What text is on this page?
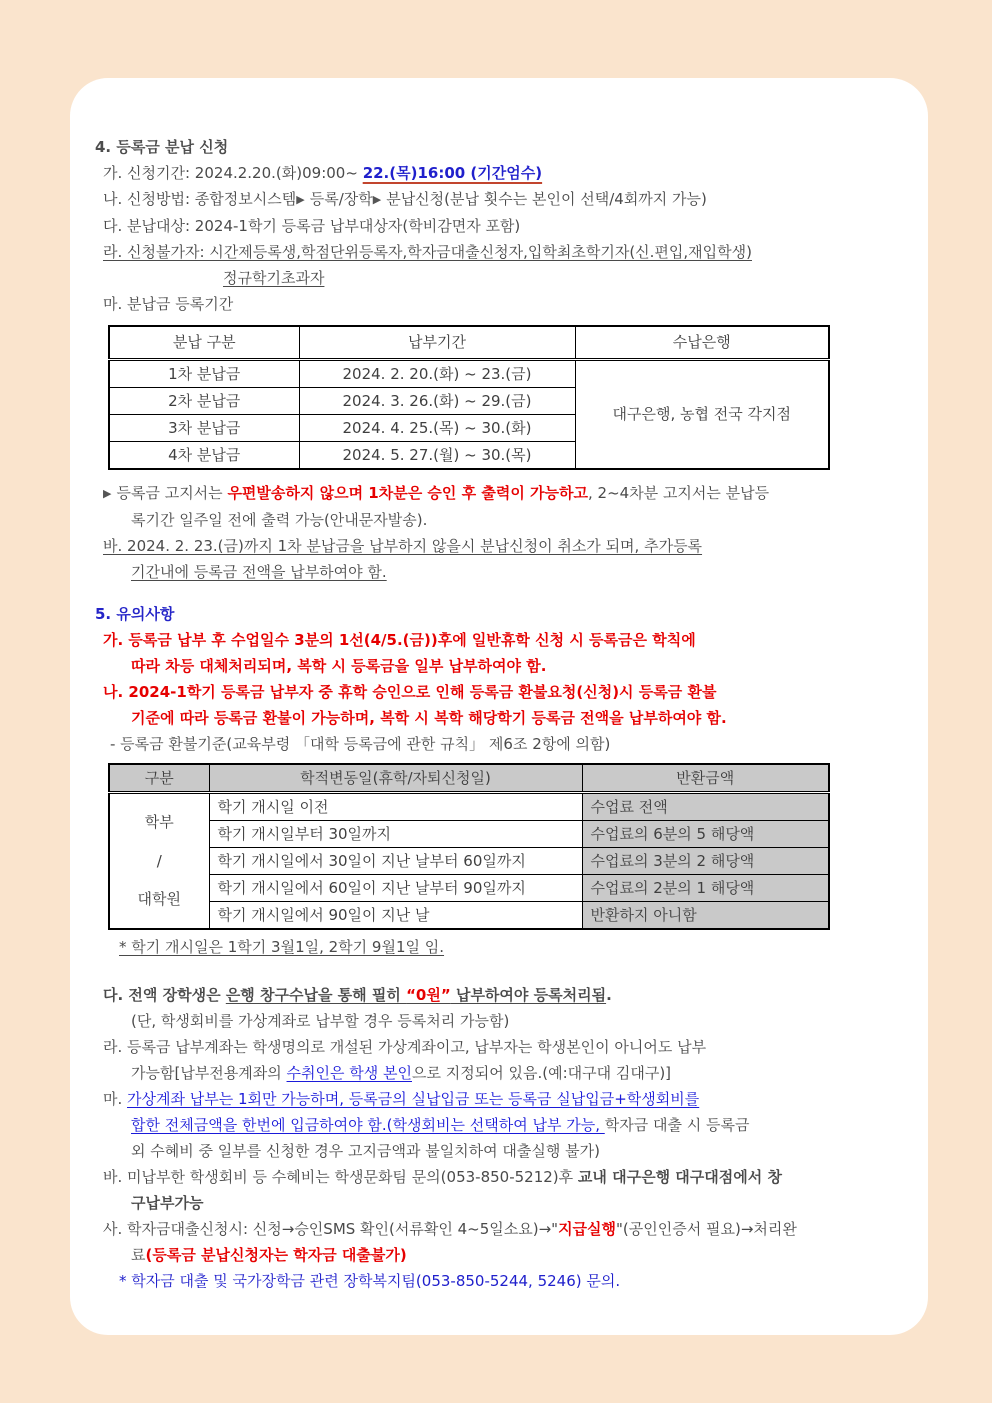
4. 등록금 분납 신청
가. 신청기간: 2024.2.20.(화)09:00~ 22.(목)16:00 (기간엄수)
나. 신청방법: 종합정보시스템▶ 등록/장학▶ 분납신청(분납 횟수는 본인이 선택/4회까지 가능)
다. 분납대상: 2024-1학기 등록금 납부대상자(학비감면자 포함)
라. 신청불가자: 시간제등록생,학점단위등록자,학자금대출신청자,입학최초학기자(신.편입,재입학생)
정규학기초과자
마. 분납금 등록기간
분납 구분	납부기간	수납은행
1차 분납금	2024. 2. 20.(화) ~ 23.(금)	대구은행, 농협 전국 각지점
2차 분납금	2024. 3. 26.(화) ~ 29.(금)	
3차 분납금	2024. 4. 25.(목) ~ 30.(화)	
4차 분납금	2024. 5. 27.(월) ~ 30.(목)	
▶ 등록금 고지서는 우편발송하지 않으며 1차분은 승인 후 출력이 가능하고, 2~4차분 고지서는 분납등
록기간 일주일 전에 출력 가능(안내문자발송).
바. 2024. 2. 23.(금)까지 1차 분납금을 납부하지 않을시 분납신청이 취소가 되며, 추가등록
기간내에 등록금 전액을 납부하여야 함.
5. 유의사항
가. 등록금 납부 후 수업일수 3분의 1선(4/5.(금))후에 일반휴학 신청 시 등록금은 학칙에
따라 차등 대체처리되며, 복학 시 등록금을 일부 납부하여야 함.
나. 2024-1학기 등록금 납부자 중 휴학 승인으로 인해 등록금 환불요청(신청)시 등록금 환불
기준에 따라 등록금 환불이 가능하며, 복학 시 복학 해당학기 등록금 전액을 납부하여야 함.
- 등록금 환불기준(교육부령 「대학 등록금에 관한 규칙」 제6조 2항에 의함)
구분	학적변동일(휴학/자퇴신청일)	반환금액

학부
/
대학원	학기 개시일 이전	수업료 전액
	학기 개시일부터 30일까지	수업료의 6분의 5 해당액
	학기 개시일에서 30일이 지난 날부터 60일까지	수업료의 3분의 2 해당액
	학기 개시일에서 60일이 지난 날부터 90일까지	수업료의 2분의 1 해당액
	학기 개시일에서 90일이 지난 날	반환하지 아니함
* 학기 개시일은 1학기 3월1일, 2학기 9월1일 임.
다. 전액 장학생은 은행 창구수납을 통해 필히 “0원” 납부하여야 등록처리됨.
(단, 학생회비를 가상계좌로 납부할 경우 등록처리 가능함)
라. 등록금 납부계좌는 학생명의로 개설된 가상계좌이고, 납부자는 학생본인이 아니어도 납부
가능함[납부전용계좌의 수취인은 학생 본인으로 지정되어 있음.(예:대구대 김대구)]
마. 가상계좌 납부는 1회만 가능하며, 등록금의 실납입금 또는 등록금 실납입금+학생회비를
합한 전체금액을 한번에 입금하여야 함.(학생회비는 선택하여 납부 가능, 학자금 대출 시 등록금
외 수혜비 중 일부를 신청한 경우 고지금액과 불일치하여 대출실행 불가)
바. 미납부한 학생회비 등 수혜비는 학생문화팀 문의(053-850-5212)후 교내 대구은행 대구대점에서 창
구납부가능
사. 학자금대출신청시: 신청→승인SMS 확인(서류확인 4~5일소요)→"지급실행"(공인인증서 필요)→처리완
료(등록금 분납신청자는 학자금 대출불가)
* 학자금 대출 및 국가장학금 관련 장학복지팀(053-850-5244, 5246) 문의.
